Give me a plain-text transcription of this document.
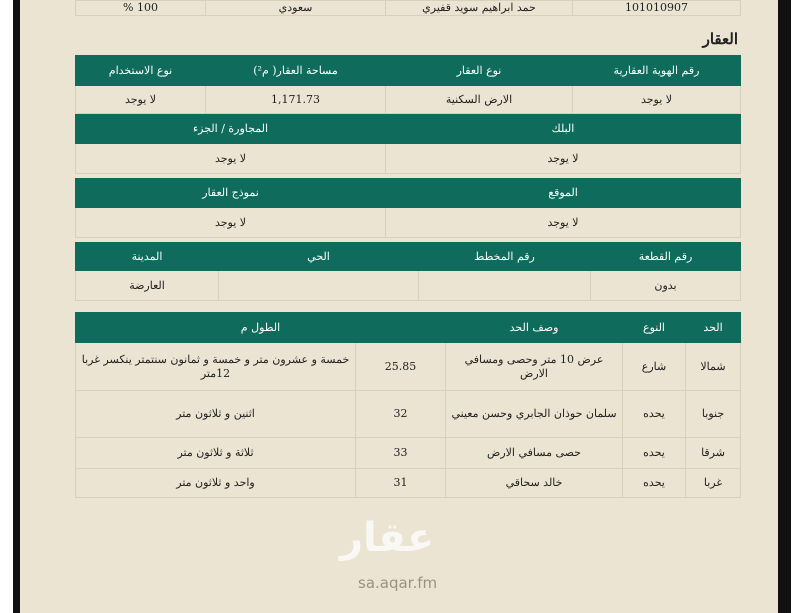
101010907	حمد ابراهيم سويد قفيري	سعودي	100 %
العقار
رقم الهوية العقارية	نوع العقار	مساحة العقار( م²)	نوع الاستخدام
لا يوجد	الارض السكنية	1,171.73	لا يوجد
البلك		المجاورة / الجزء	
لا يوجد		لا يوجد	

الموقع		نموذج العقار	
لا يوجد		لا يوجد	
رقم القطعة	رقم المخطط	الحي	المدينة
بدون			العارضة
الحد	النوع	وصف الحد	الطول م	
شمالا	شارع	عرض 10 متر وحصى ومسافي الارض	25.85	خمسة و عشرون متر و خمسة و ثمانون سنتمتر ينكسر غربا 12متر
جنوبا	يحده	سلمان حوذان الجابري وحسن معيني	32	اثنين و ثلاثون متر
شرقا	يحده	حصى مسافي الارض	33	ثلاثة و ثلاثون متر
غربا	يحده	خالد سحاقي	31	واحد و ثلاثون متر
عقار
sa.aqar.fm
